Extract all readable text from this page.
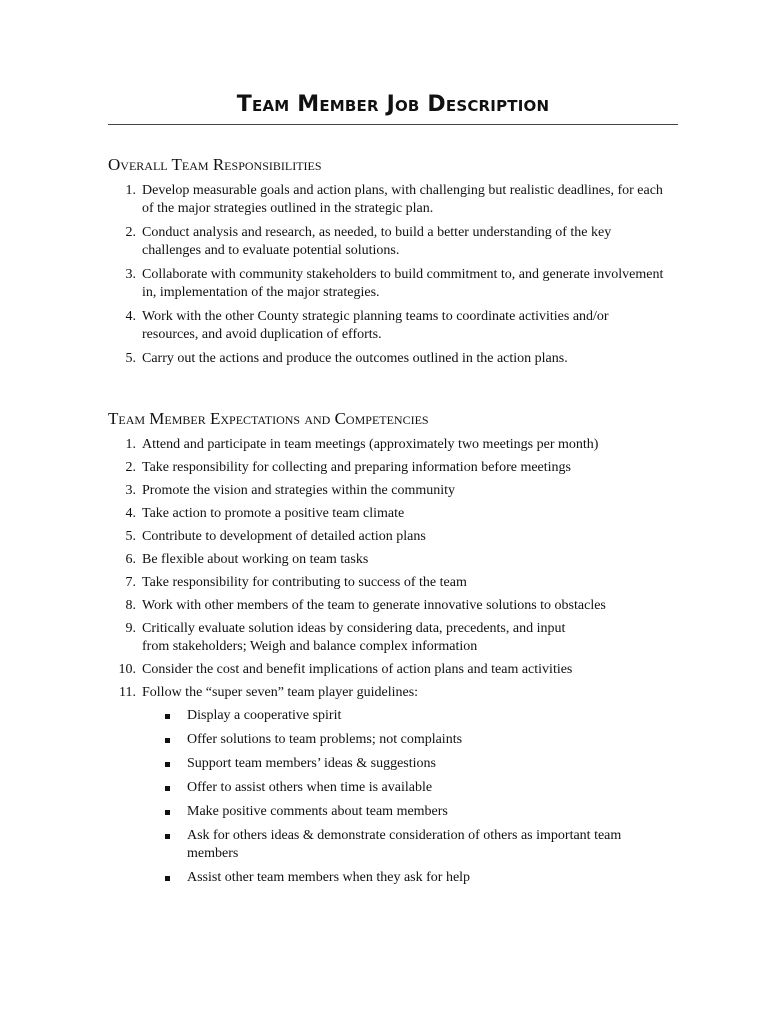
Team Member Job Description
Overall Team Responsibilities
1. Develop measurable goals and action plans, with challenging but realistic deadlines, for each of the major strategies outlined in the strategic plan.
2. Conduct analysis and research, as needed, to build a better understanding of the key challenges and to evaluate potential solutions.
3. Collaborate with community stakeholders to build commitment to, and generate involvement in, implementation of the major strategies.
4. Work with the other County strategic planning teams to coordinate activities and/or resources, and avoid duplication of efforts.
5. Carry out the actions and produce the outcomes outlined in the action plans.
Team Member Expectations and Competencies
1. Attend and participate in team meetings (approximately two meetings per month)
2. Take responsibility for collecting and preparing information before meetings
3. Promote the vision and strategies within the community
4. Take action to promote a positive team climate
5. Contribute to development of detailed action plans
6. Be flexible about working on team tasks
7. Take responsibility for contributing to success of the team
8. Work with other members of the team to generate innovative solutions to obstacles
9. Critically evaluate solution ideas by considering data, precedents, and input from stakeholders; Weigh and balance complex information
10. Consider the cost and benefit implications of action plans and team activities
11. Follow the “super seven” team player guidelines:
Display a cooperative spirit
Offer solutions to team problems; not complaints
Support team members’ ideas & suggestions
Offer to assist others when time is available
Make positive comments about team members
Ask for others ideas & demonstrate consideration of others as important team members
Assist other team members when they ask for help
